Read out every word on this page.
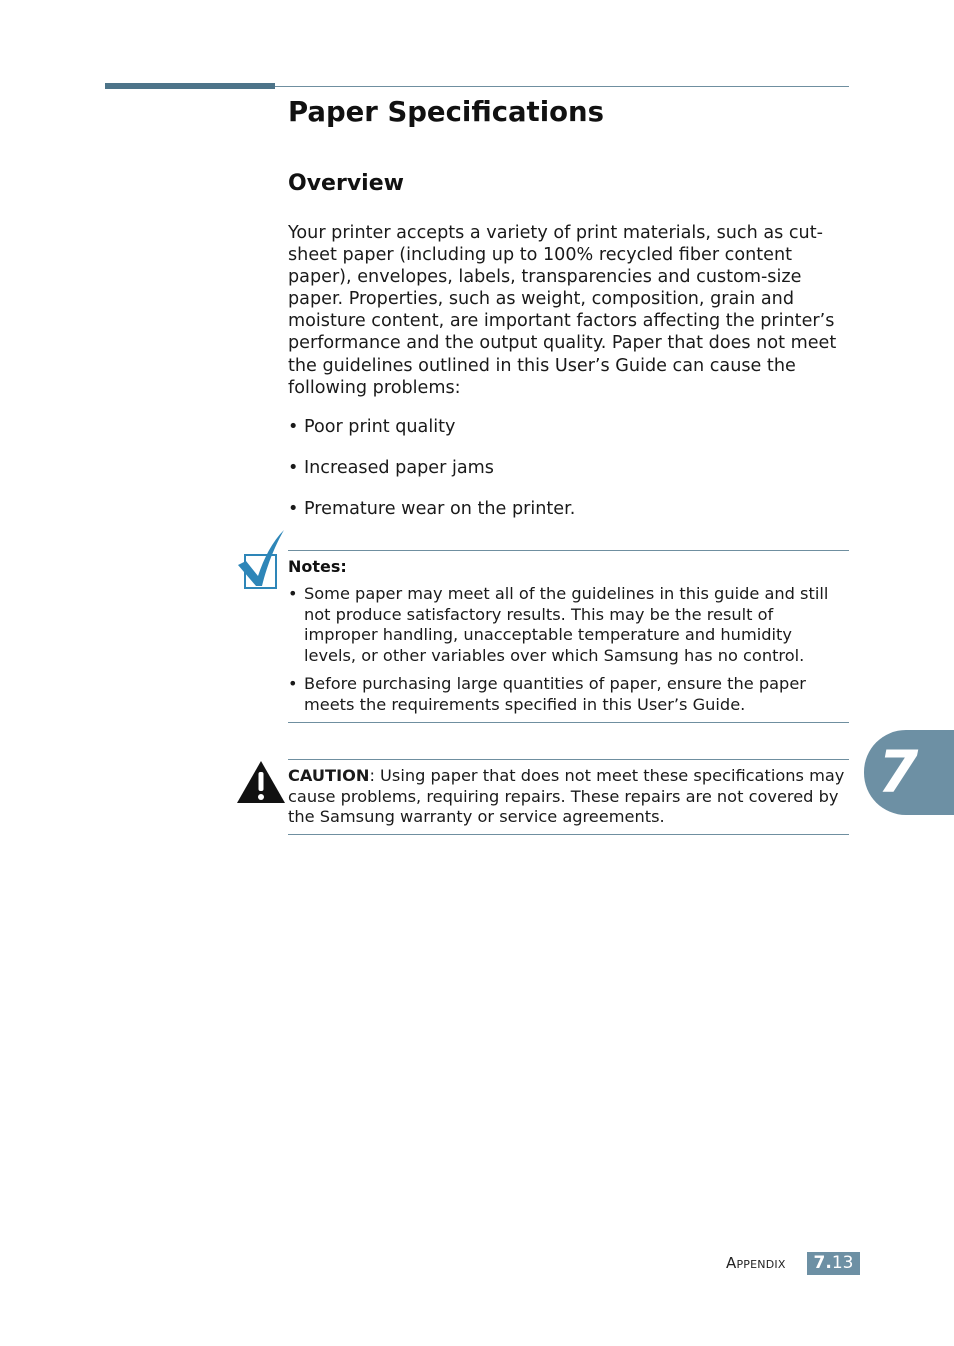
Paper Specifications
Overview

Your printer accepts a variety of print materials, such as cut-sheet paper (including up to 100% recycled fiber content paper), envelopes, labels, transparencies and custom-size paper. Properties, such as weight, composition, grain and moisture content, are important factors affecting the printer’s performance and the output quality. Paper that does not meet the guidelines outlined in this User’s Guide can cause the following problems:

• Poor print quality

• Increased paper jams

• Premature wear on the printer.

Notes:
• Some paper may meet all of the guidelines in this guide and still not produce satisfactory results. This may be the result of improper handling, unacceptable temperature and humidity levels, or other variables over which Samsung has no control.
• Before purchasing large quantities of paper, ensure the paper meets the requirements specified in this User’s Guide.
CAUTION: Using paper that does not meet these specifications may cause problems, requiring repairs. These repairs are not covered by the Samsung warranty or service agreements.
7
Appendix	7.13
